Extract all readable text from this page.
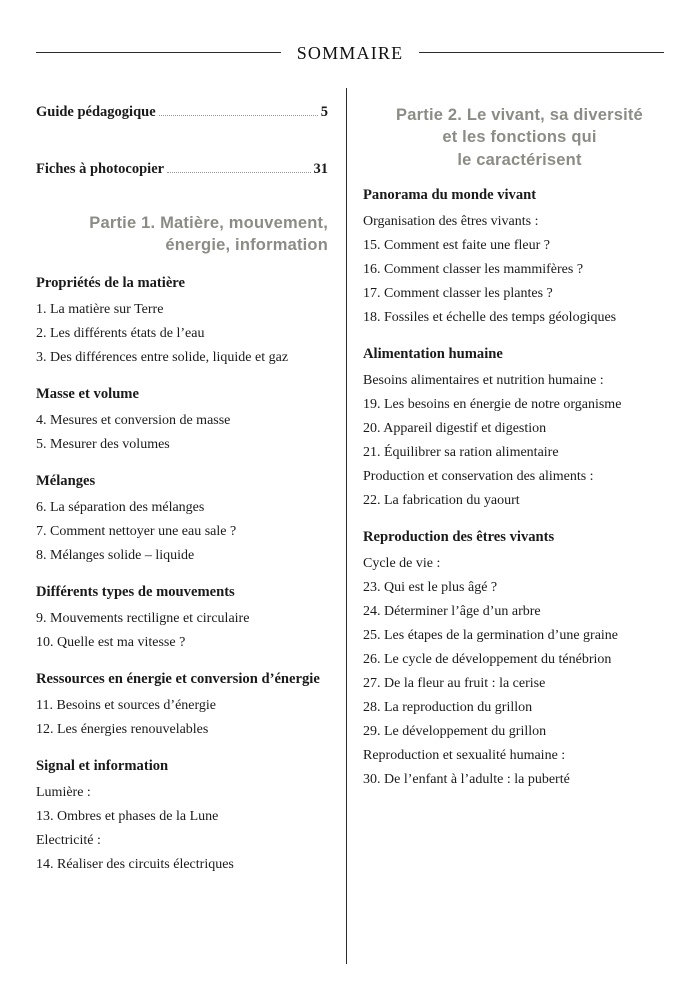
sommaire
Guide pédagogique	5
Fiches à photocopier	31
Partie 1. Matière, mouvement,
énergie, information
Propriétés de la matière
1. La matière sur Terre
2. Les différents états de l’eau
3. Des différences entre solide, liquide et gaz
Masse et volume
4. Mesures et conversion de masse
5. Mesurer des volumes
Mélanges
6. La séparation des mélanges
7. Comment nettoyer une eau sale ?
8. Mélanges solide – liquide
Différents types de mouvements
9. Mouvements rectiligne et circulaire
10. Quelle est ma vitesse ?
Ressources en énergie et conversion d’énergie
11. Besoins et sources d’énergie
12. Les énergies renouvelables
Signal et information
Lumière :
13. Ombres et phases de la Lune
Electricité :
14. Réaliser des circuits électriques
Partie 2. Le vivant, sa diversité
et les fonctions qui
le caractérisent
Panorama du monde vivant
Organisation des êtres vivants :
15. Comment est faite une fleur ?
16. Comment classer les mammifères ?
17. Comment classer les plantes ?
18. Fossiles et échelle des temps géologiques
Alimentation humaine
Besoins alimentaires et nutrition humaine :
19. Les besoins en énergie de notre organisme
20. Appareil digestif et digestion
21. Équilibrer sa ration alimentaire
Production et conservation des aliments :
22. La fabrication du yaourt
Reproduction des êtres vivants
Cycle de vie :
23. Qui est le plus âgé ?
24. Déterminer l’âge d’un arbre
25. Les étapes de la germination d’une graine
26. Le cycle de développement du ténébrion
27. De la fleur au fruit : la cerise
28. La reproduction du grillon
29. Le développement du grillon
Reproduction et sexualité humaine :
30. De l’enfant à l’adulte : la puberté
